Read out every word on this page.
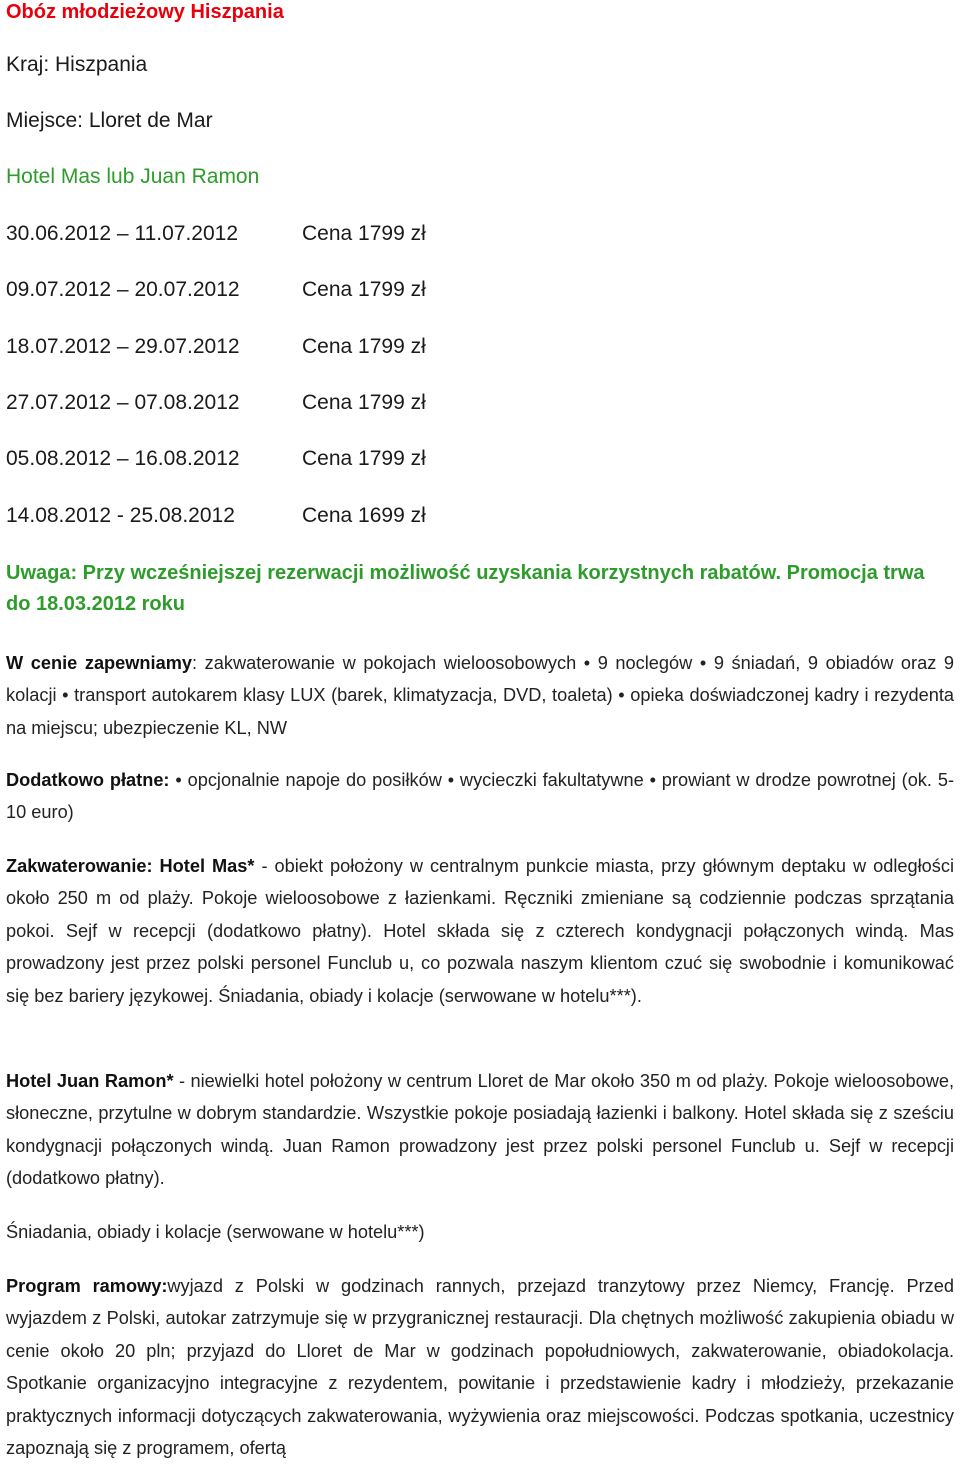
Obóz młodzieżowy Hiszpania
Kraj: Hiszpania
Miejsce: Lloret de Mar
Hotel Mas lub Juan Ramon
30.06.2012 – 11.07.2012	Cena 1799 zł
09.07.2012 – 20.07.2012	Cena 1799 zł
18.07.2012 – 29.07.2012	Cena 1799 zł
27.07.2012 – 07.08.2012	Cena 1799 zł
05.08.2012 – 16.08.2012	Cena 1799 zł
14.08.2012 - 25.08.2012	Cena 1699 zł
Uwaga: Przy wcześniejszej rezerwacji możliwość uzyskania korzystnych rabatów. Promocja trwa do 18.03.2012 roku
W cenie zapewniamy: zakwaterowanie w pokojach wieloosobowych • 9 noclegów • 9 śniadań, 9 obiadów oraz 9 kolacji • transport autokarem klasy LUX (barek, klimatyzacja, DVD, toaleta) • opieka doświadczonej kadry i rezydenta na miejscu; ubezpieczenie KL, NW
Dodatkowo płatne: • opcjonalnie napoje do posiłków • wycieczki fakultatywne • prowiant w drodze powrotnej (ok. 5-10 euro)
Zakwaterowanie: Hotel Mas* - obiekt położony w centralnym punkcie miasta, przy głównym deptaku w odległości około 250 m od plaży. Pokoje wieloosobowe z łazienkami. Ręczniki zmieniane są codziennie podczas sprzątania pokoi. Sejf w recepcji (dodatkowo płatny). Hotel składa się z czterech kondygnacji połączonych windą. Mas prowadzony jest przez polski personel Funclub u, co pozwala naszym klientom czuć się swobodnie i komunikować się bez bariery językowej. Śniadania, obiady i kolacje (serwowane w hotelu***).
Hotel Juan Ramon* - niewielki hotel położony w centrum Lloret de Mar około 350 m od plaży. Pokoje wieloosobowe, słoneczne, przytulne w dobrym standardzie. Wszystkie pokoje posiadają łazienki i balkony. Hotel składa się z sześciu kondygnacji połączonych windą. Juan Ramon prowadzony jest przez polski personel Funclub u. Sejf w recepcji (dodatkowo płatny).
Śniadania, obiady i kolacje (serwowane w hotelu***)
Program ramowy:wyjazd z Polski w godzinach rannych, przejazd tranzytowy przez Niemcy, Francję. Przed wyjazdem z Polski, autokar zatrzymuje się w przygranicznej restauracji. Dla chętnych możliwość zakupienia obiadu w cenie około 20 pln; przyjazd do Lloret de Mar w godzinach popołudniowych, zakwaterowanie, obiadokolacja. Spotkanie organizacyjno integracyjne z rezydentem, powitanie i przedstawienie kadry i młodzieży, przekazanie praktycznych informacji dotyczących zakwaterowania, wyżywienia oraz miejscowości. Podczas spotkania, uczestnicy zapoznają się z programem, ofertą
